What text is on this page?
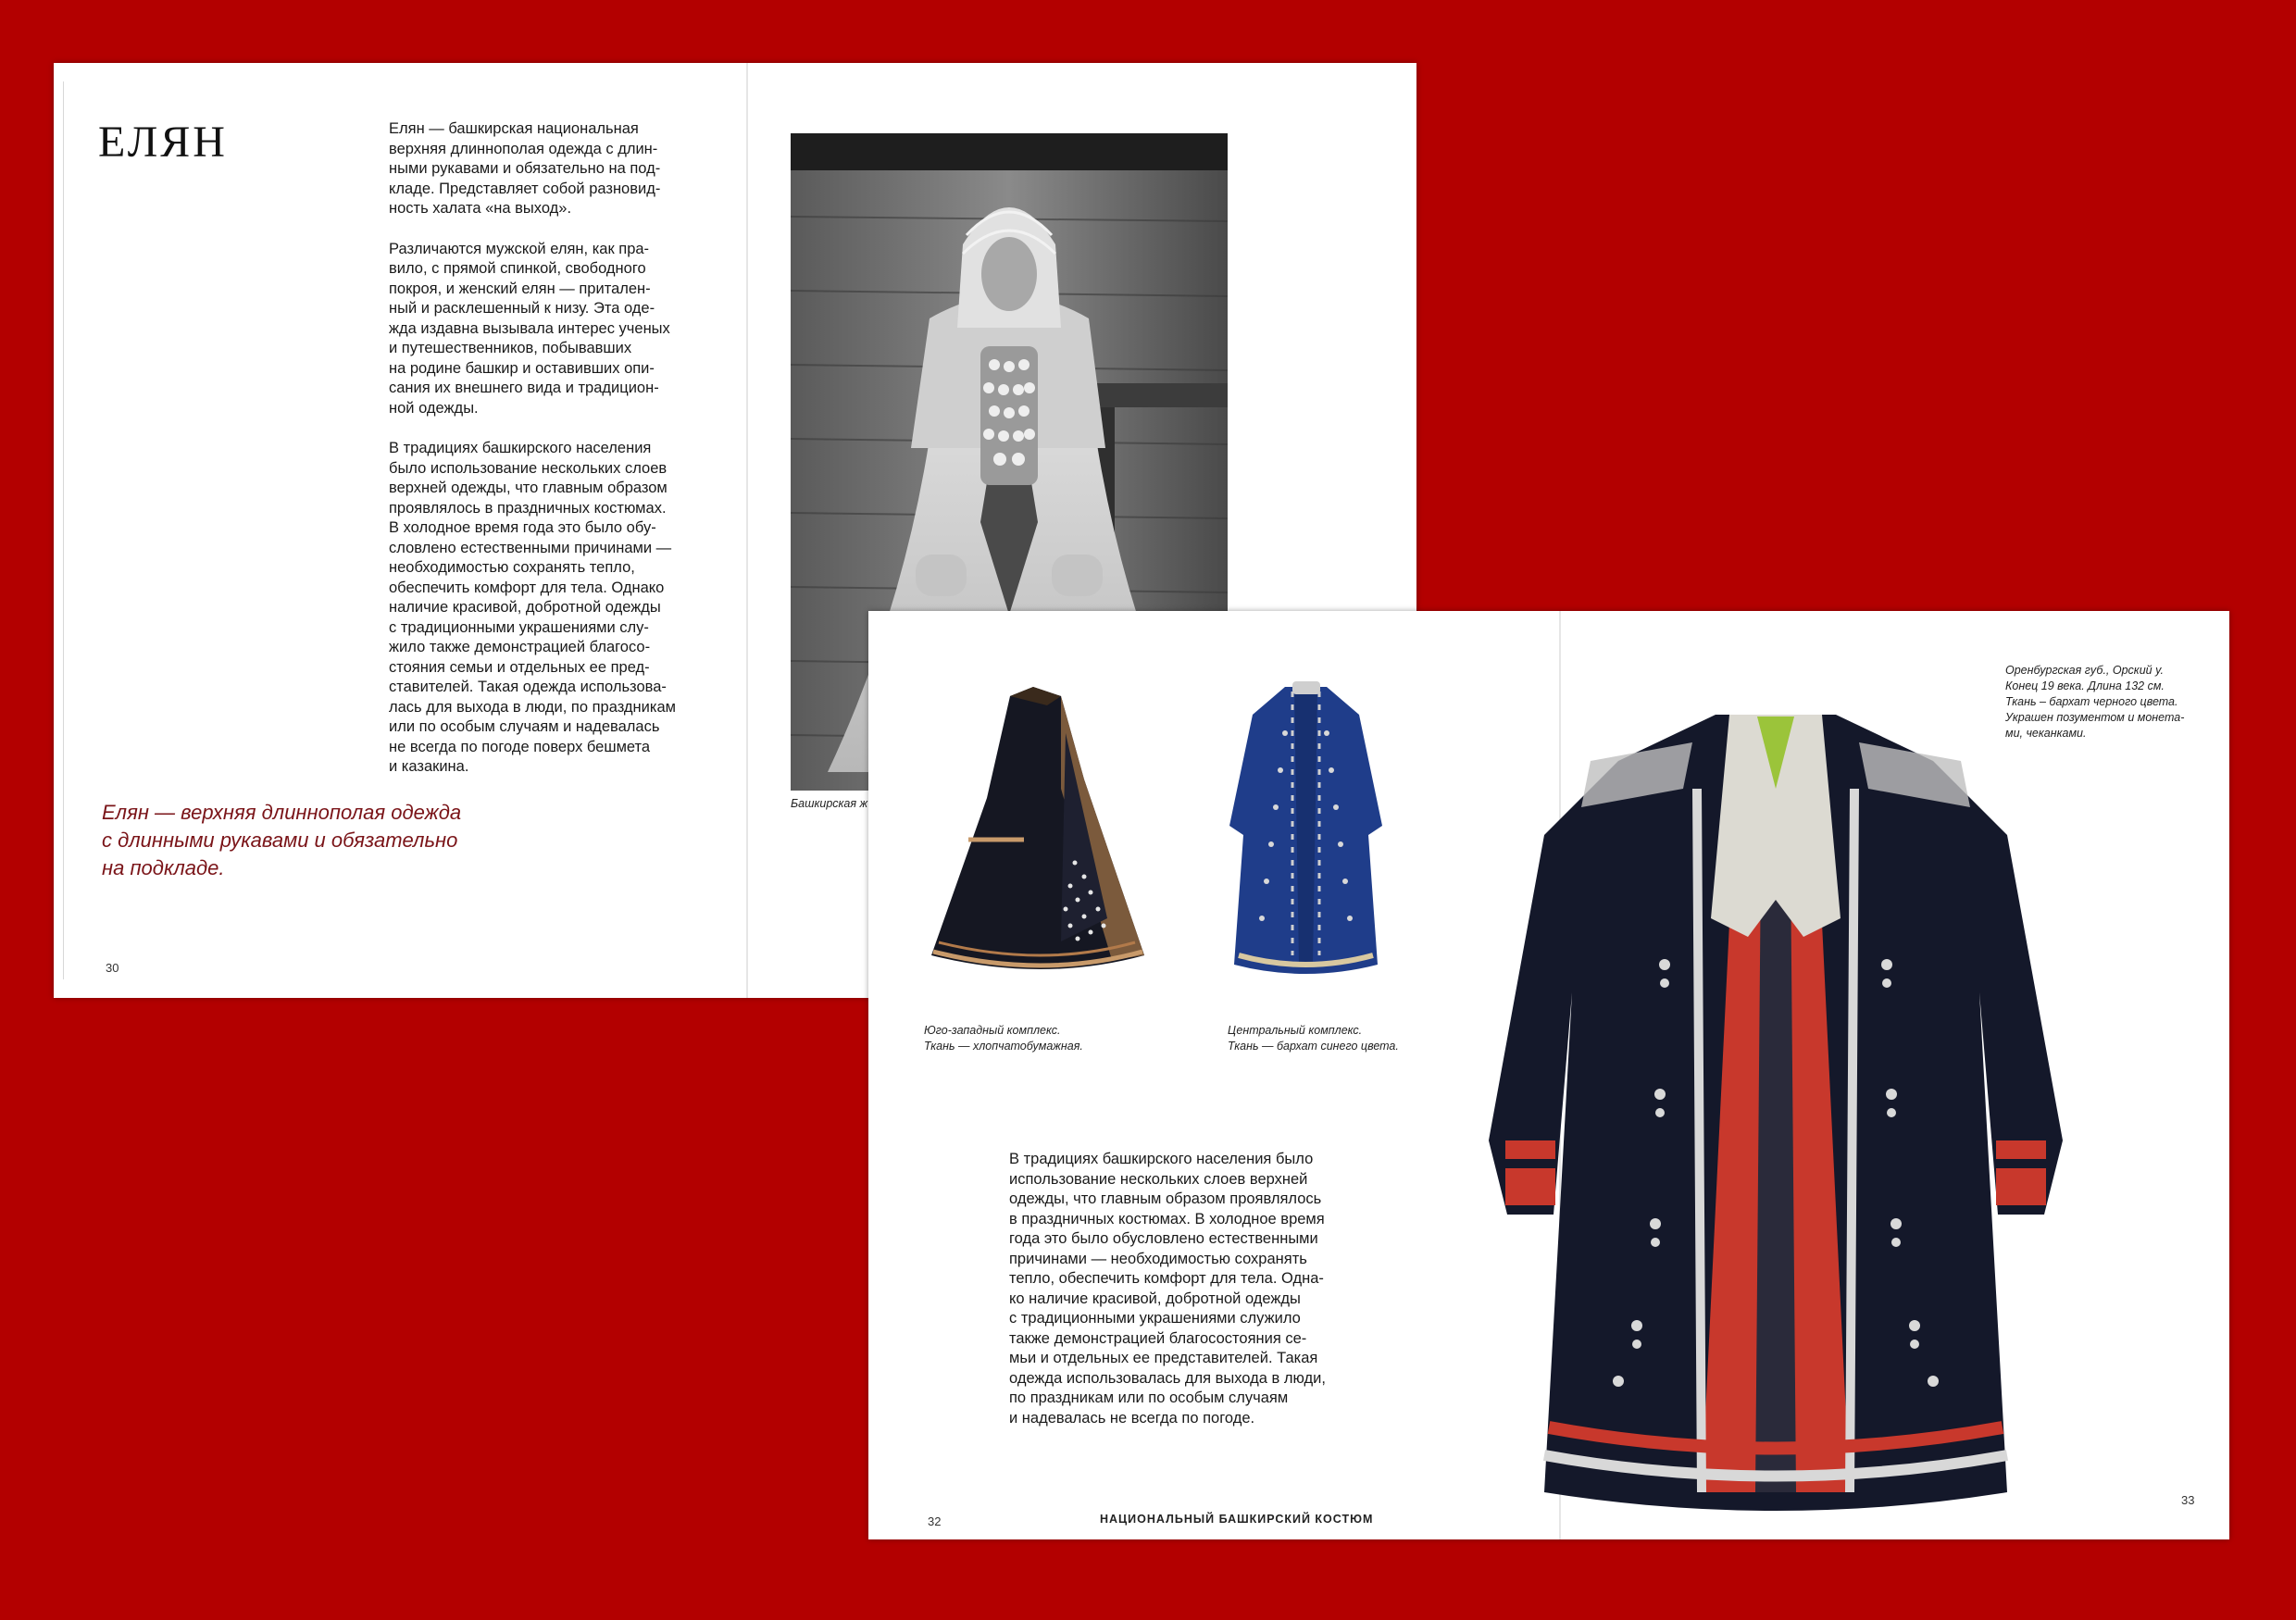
ЕЛЯН	Елян — башкирская национальная
верхняя длиннополая одежда с длин-
ными рукавами и обязательно на под-
кладе. Представляет собой разновид-
ность халата «на выход».

Различаются мужской елян, как пра-
вило, с прямой спинкой, свободного
покроя, и женский елян — притален-
ный и расклешенный к низу. Эта оде-
жда издавна вызывала интерес ученых
и путешественников, побывавших
на родине башкир и оставивших опи-
сания их внешнего вида и традицион-
ной одежды.

В традициях башкирского населения
было использование нескольких слоев
верхней одежды, что главным образом
проявлялось в праздничных костюмах.
В холодное время года это было обу-
словлено естественными причинами —
необходимостью сохранять тепло,
обеспечить комфорт для тела. Однако
наличие красивой, добротной одежды
с традиционными украшениями слу-
жило также демонстрацией благосо-
стояния семьи и отдельных ее пред-
ставителей. Такая одежда использова-
лась для выхода в люди, по праздникам
или по особым случаям и надевалась
не всегда по погоде поверх бешмета
и казакина.

Елян — верхняя длиннополая одежда
с длинными рукавами и обязательно
на подкладе.

30
Башкирская ж
Юго-западный комплекс.
Ткань — хлопчатобумажная.
Центральный комплекс.
Ткань — бархат синего цвета.
В традициях башкирского населения было
использование нескольких слоев верхней
одежды, что главным образом проявлялось
в праздничных костюмах. В холодное время
года это было обусловлено естественными
причинами — необходимостью сохранять
тепло, обеспечить комфорт для тела. Одна-
ко наличие красивой, добротной одежды
с традиционными украшениями служило
также демонстрацией благосостояния се-
мьи и отдельных ее представителей. Такая
одежда использовалась для выхода в люди,
по праздникам или по особым случаям
и надевалась не всегда по погоде.
Оренбургская губ., Орский у.
Конец 19 века. Длина 132 см.
Ткань – бархат черного цвета.
Украшен позументом и монета-
ми, чеканками.
32	НАЦИОНАЛЬНЫЙ БАШКИРСКИЙ КОСТЮМ
33
